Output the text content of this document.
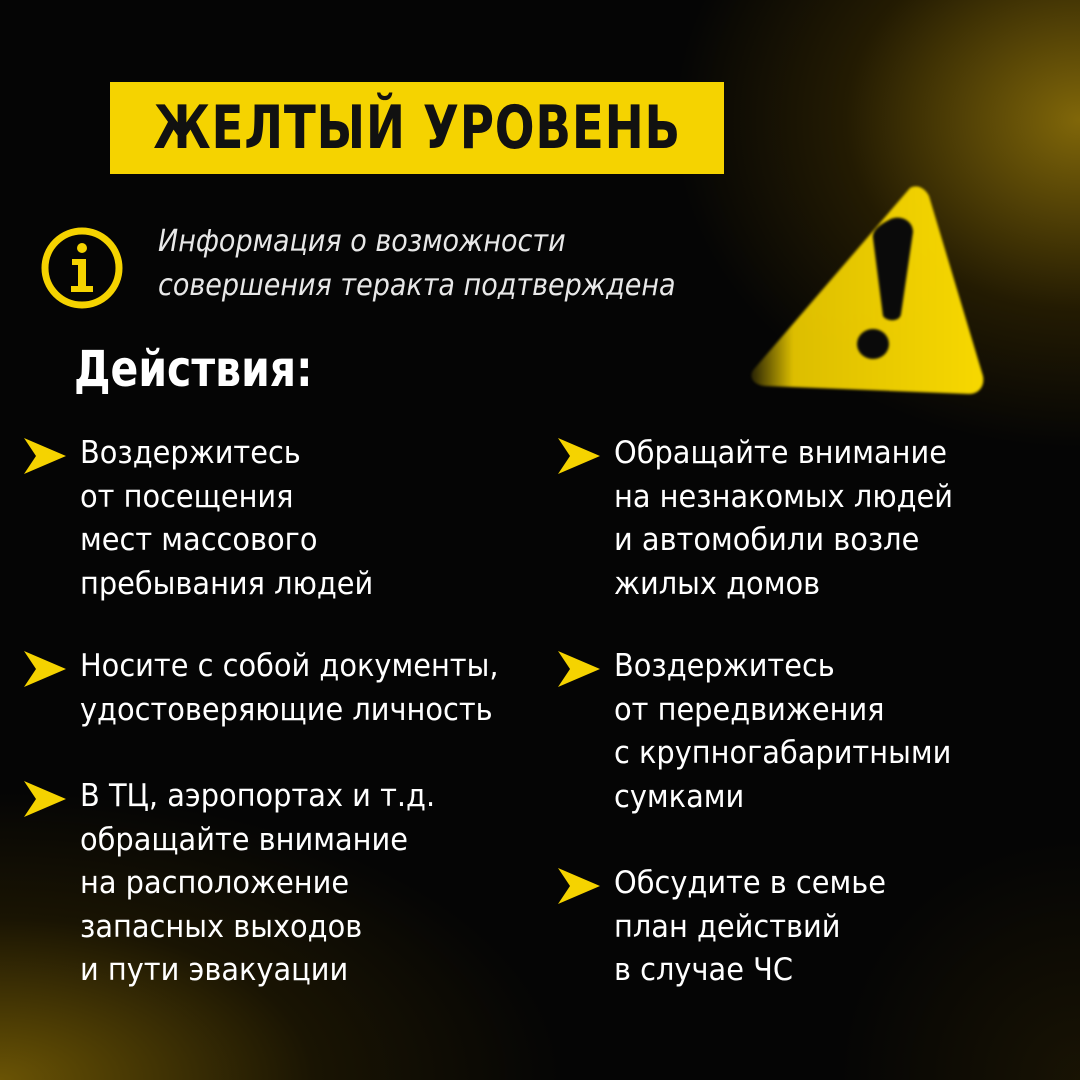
ЖЕЛТЫЙ УРОВЕНЬ
Информация о возможности
совершения теракта подтверждена
Действия:
Воздержитесь
от посещения
мест массового
пребывания людей
Носите с собой документы,
удостоверяющие личность
В ТЦ, аэропортах и т.д.
обращайте внимание
на расположение
запасных выходов
и пути эвакуации
Обращайте внимание
на незнакомых людей
и автомобили возле
жилых домов
Воздержитесь
от передвижения
с крупногабаритными
сумками
Обсудите в семье
план действий
в случае ЧС
